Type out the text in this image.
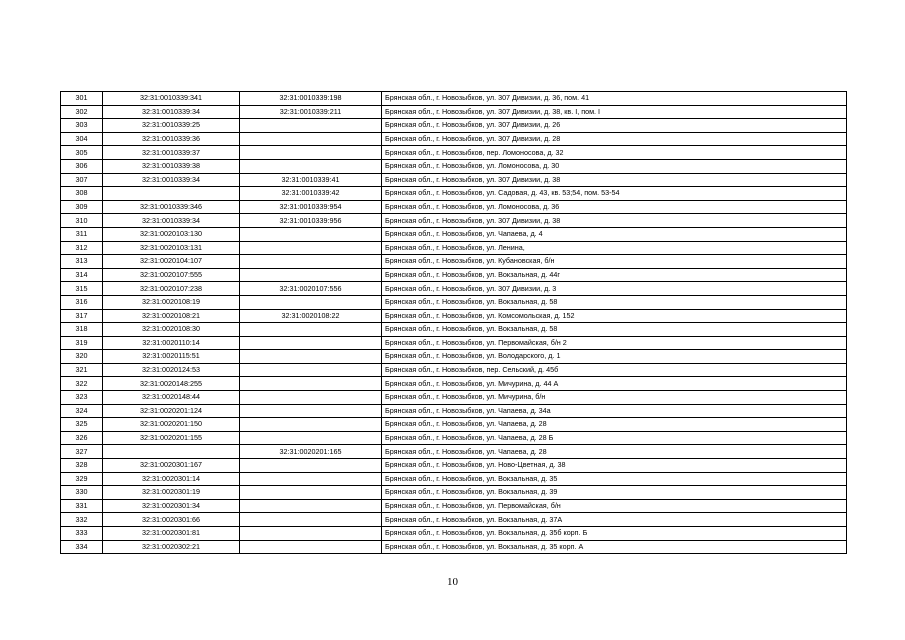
301	32:31:0010339:341	32:31:0010339:198	Брянская обл., г. Новозыбков, ул. 307 Дивизии, д. 36, пом. 41
302	32:31:0010339:34	32:31:0010339:211	Брянская обл., г. Новозыбков, ул. 307 Дивизии, д. 38, кв. I, пом. I
303	32:31:0010339:25		Брянская обл., г. Новозыбков, ул. 307 Дивизии, д. 26
304	32:31:0010339:36		Брянская обл., г. Новозыбков, ул. 307 Дивизии, д. 28
305	32:31:0010339:37		Брянская обл., г. Новозыбков, пер. Ломоносова, д. 32
306	32:31:0010339:38		Брянская обл., г. Новозыбков, ул. Ломоносова, д. 30
307	32:31:0010339:34	32:31:0010339:41	Брянская обл., г. Новозыбков, ул. 307 Дивизии, д. 38
308		32:31:0010339:42	Брянская обл., г. Новозыбков, ул. Садовая, д. 43, кв. 53;54, пом. 53-54
309	32:31:0010339:346	32:31:0010339:954	Брянская обл., г. Новозыбков, ул. Ломоносова, д. 36
310	32:31:0010339:34	32:31:0010339:956	Брянская обл., г. Новозыбков, ул. 307 Дивизии, д. 38
311	32:31:0020103:130		Брянская обл., г. Новозыбков, ул. Чапаева, д. 4
312	32:31:0020103:131		Брянская обл., г. Новозыбков, ул. Ленина,
313	32:31:0020104:107		Брянская обл., г. Новозыбков, ул. Кубановская, б/н
314	32:31:0020107:555		Брянская обл., г. Новозыбков, ул. Вокзальная, д. 44г
315	32:31:0020107:238	32:31:0020107:556	Брянская обл., г. Новозыбков, ул. 307 Дивизии, д. 3
316	32:31:0020108:19		Брянская обл., г. Новозыбков, ул. Вокзальная, д. 58
317	32:31:0020108:21	32:31:0020108:22	Брянская обл., г. Новозыбков, ул. Комсомольская, д. 152
318	32:31:0020108:30		Брянская обл., г. Новозыбков, ул. Вокзальная, д. 58
319	32:31:0020110:14		Брянская обл., г. Новозыбков, ул. Первомайская, б/н 2
320	32:31:0020115:51		Брянская обл., г. Новозыбков, ул. Володарского, д. 1
321	32:31:0020124:53		Брянская обл., г. Новозыбков, пер. Сельский, д. 45б
322	32:31:0020148:255		Брянская обл., г. Новозыбков, ул. Мичурина, д. 44 А
323	32:31:0020148:44		Брянская обл., г. Новозыбков, ул. Мичурина, б/н
324	32:31:0020201:124		Брянская обл., г. Новозыбков, ул. Чапаева, д. 34а
325	32:31:0020201:150		Брянская обл., г. Новозыбков, ул. Чапаева, д. 28
326	32:31:0020201:155		Брянская обл., г. Новозыбков, ул. Чапаева, д. 28 Б
327		32:31:0020201:165	Брянская обл., г. Новозыбков, ул. Чапаева, д. 28
328	32:31:0020301:167		Брянская обл., г. Новозыбков, ул. Ново-Цветная, д. 38
329	32:31:0020301:14		Брянская обл., г. Новозыбков, ул. Вокзальная, д. 35
330	32:31:0020301:19		Брянская обл., г. Новозыбков, ул. Вокзальная, д. 39
331	32:31:0020301:34		Брянская обл., г. Новозыбков, ул. Первомайская, б/н
332	32:31:0020301:66		Брянская обл., г. Новозыбков, ул. Вокзальная, д. 37А
333	32:31:0020301:81		Брянская обл., г. Новозыбков, ул. Вокзальная, д. 35б корп. Б
334	32:31:0020302:21		Брянская обл., г. Новозыбков, ул. Вокзальная, д. 35 корп. А
10
